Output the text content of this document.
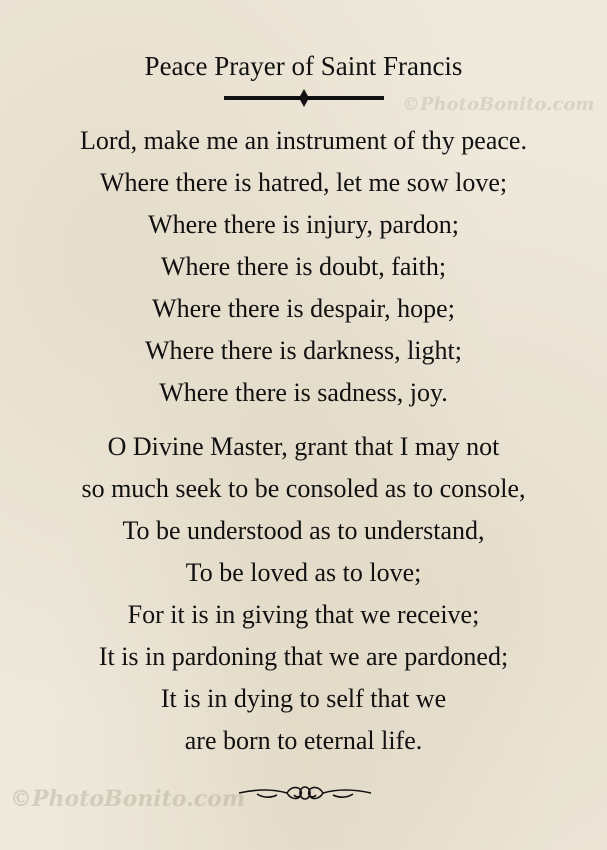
©PhotoBonito.com
Peace Prayer of Saint Francis
Lord, make me an instrument of thy peace.
Where there is hatred, let me sow love;
Where there is injury, pardon;
Where there is doubt, faith;
Where there is despair, hope;
Where there is darkness, light;
Where there is sadness, joy.
O Divine Master, grant that I may not
so much seek to be consoled as to console,
To be understood as to understand,
To be loved as to love;
For it is in giving that we receive;
It is in pardoning that we are pardoned;
It is in dying to self that we
are born to eternal life.
©PhotoBonito.com
